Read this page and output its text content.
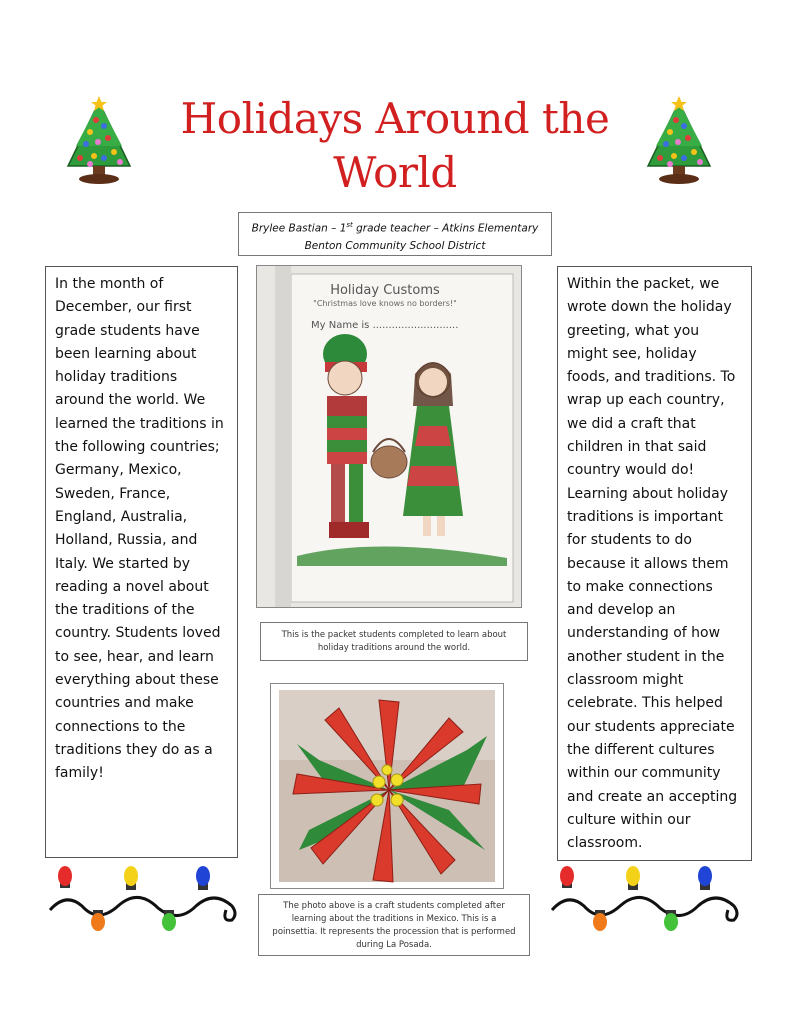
Holidays Around the
World
Brylee Bastian – 1st grade teacher – Atkins Elementary
Benton Community School District
In the month of December, our first grade students have been learning about holiday traditions around the world. We learned the traditions in the following countries; Germany, Mexico, Sweden, France, England, Australia, Holland, Russia, and Italy. We started by reading a novel about the traditions of the country. Students loved to see, hear, and learn everything about these countries and make connections to the traditions they do as a family!
Within the packet, we wrote down the holiday greeting, what you might see, holiday foods, and traditions. To wrap up each country, we did a craft that children in that said country would do! Learning about holiday traditions is important for students to do because it allows them to make connections and develop an understanding of how another student in the classroom might celebrate. This helped our students appreciate the different cultures within our community and create an accepting culture within our classroom.
Holiday Customs
"Christmas love knows no borders!"
My Name is ...........................
This is the packet students completed to learn about holiday traditions around the world.
The photo above is a craft students completed after learning about the traditions in Mexico. This is a poinsettia. It represents the procession that is performed during La Posada.
